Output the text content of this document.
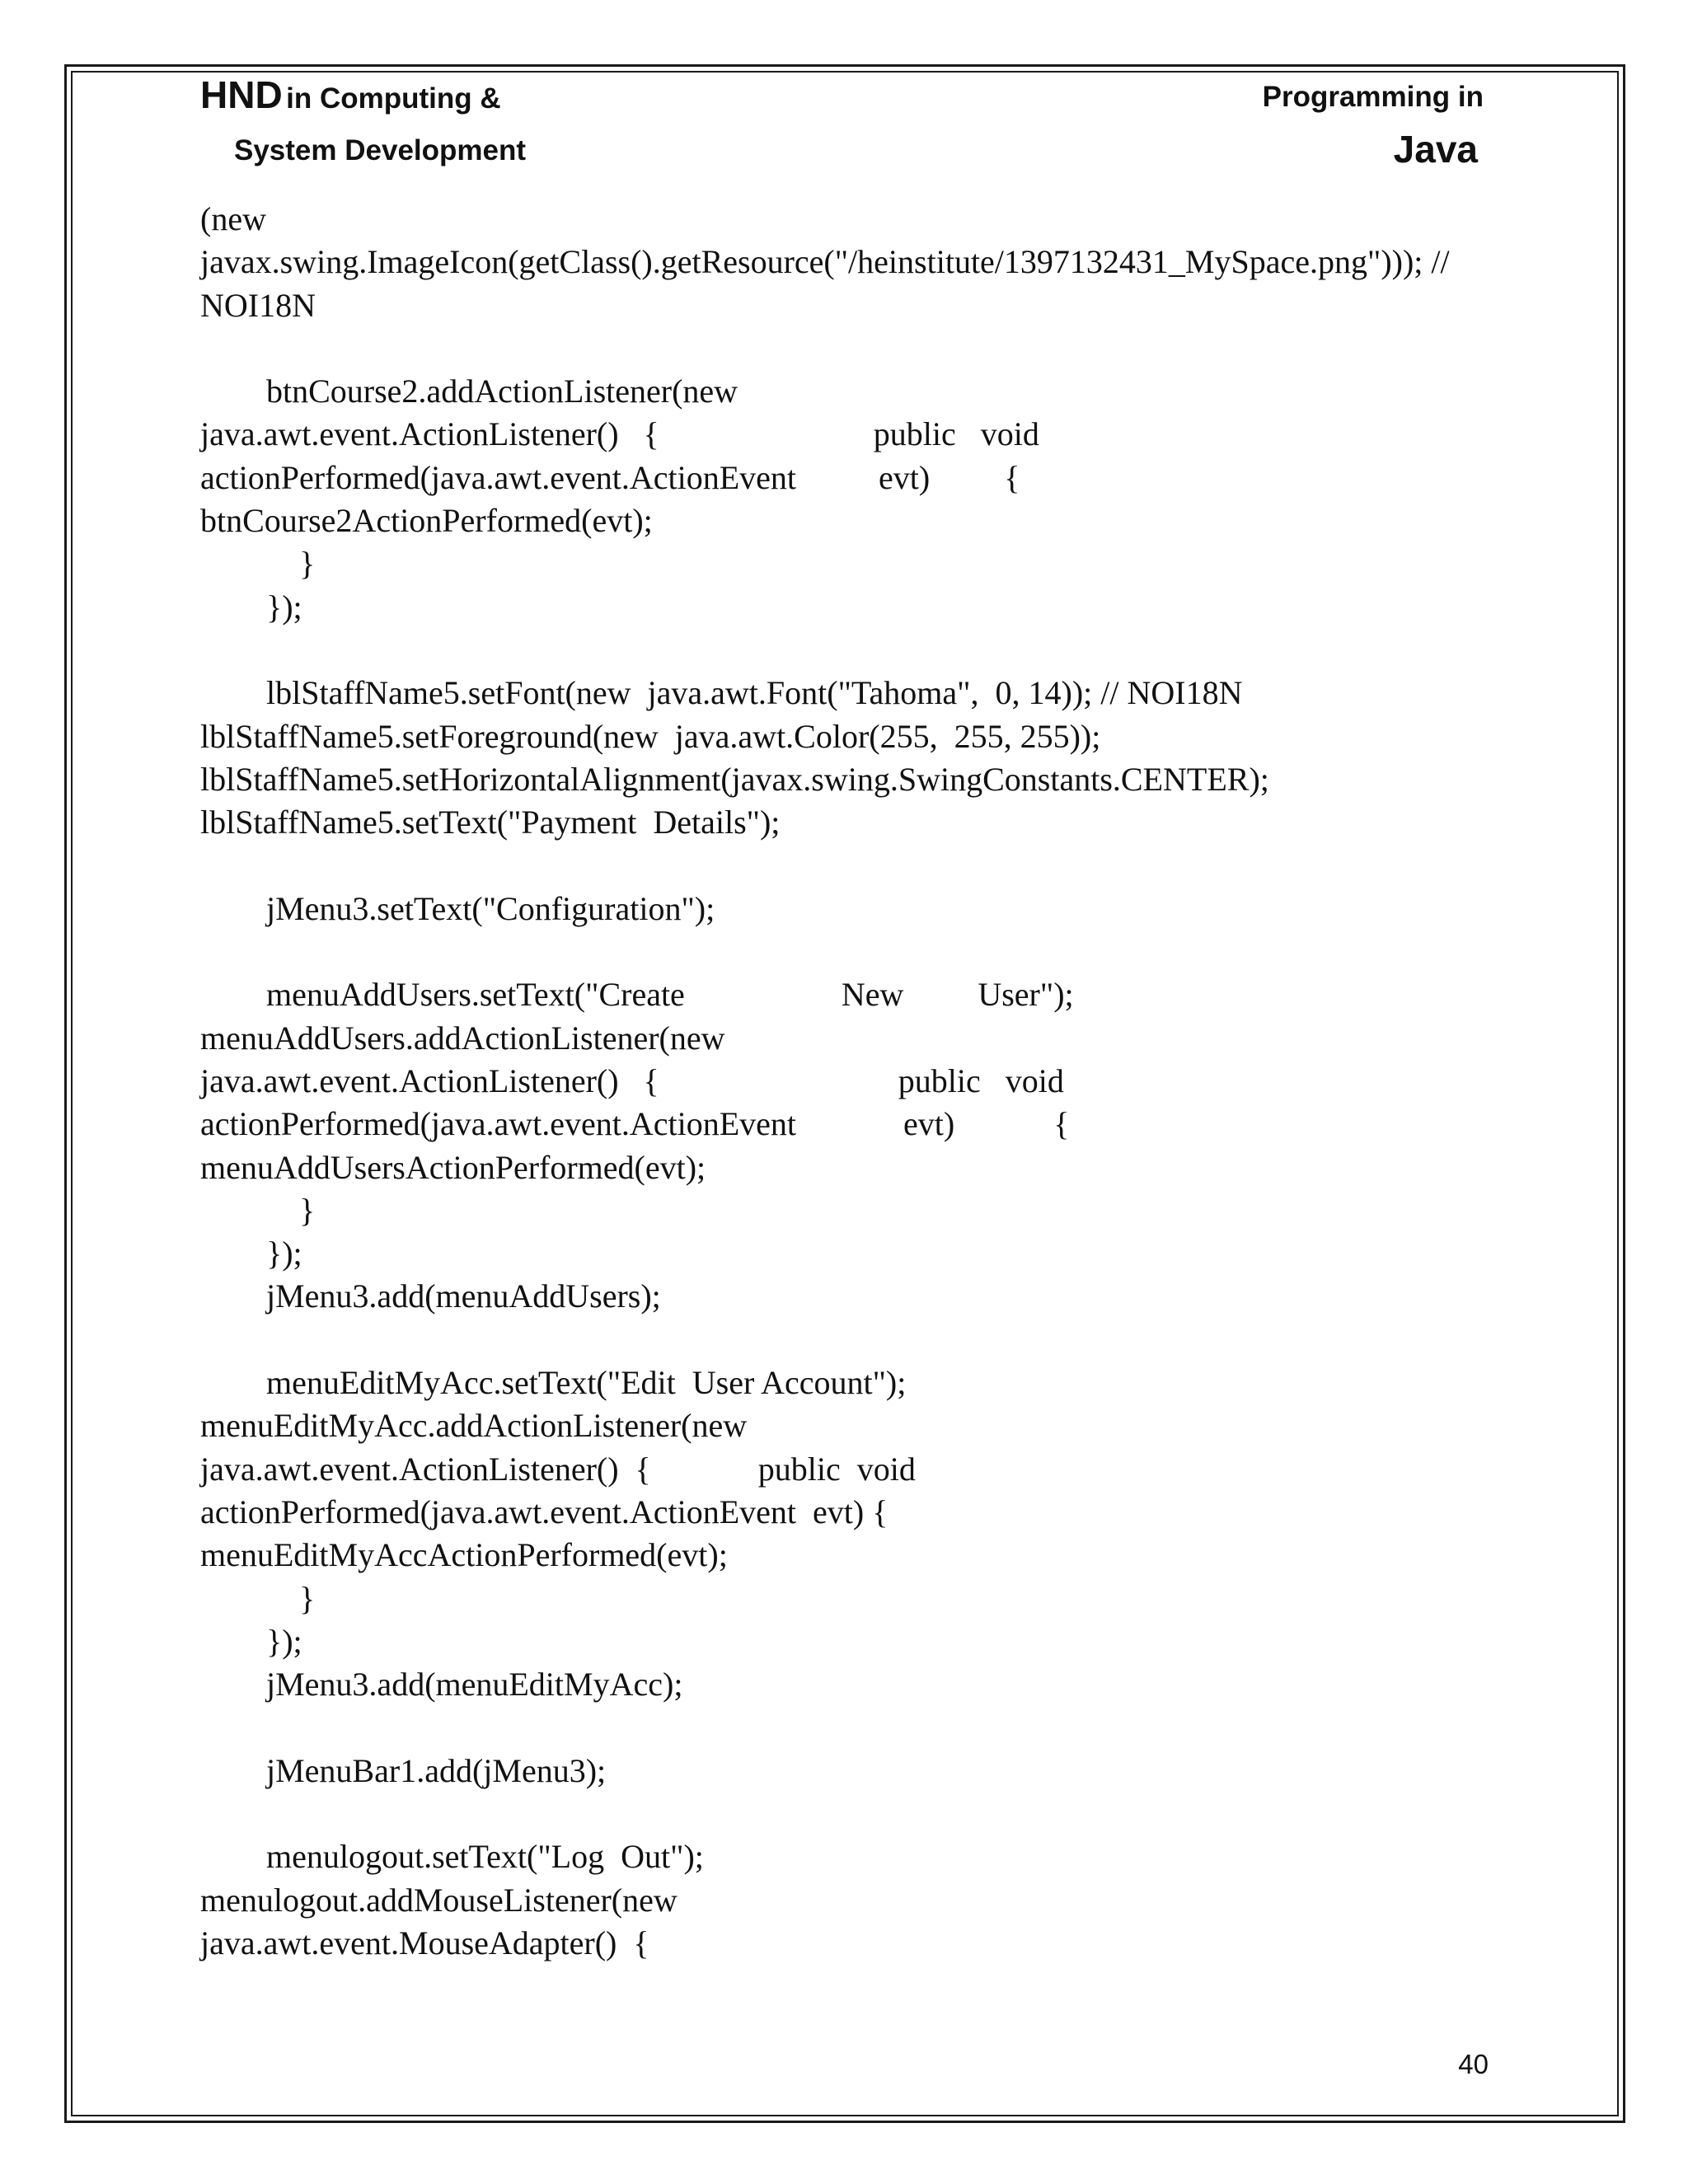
HND in Computing &
System Development
Programming in
Java
(new
javax.swing.ImageIcon(getClass().getResource("/heinstitute/1397132431_MySpace.png"))); //
NOI18N
btnCourse2.addActionListener(new
java.awt.event.ActionListener()   {                          public   void
actionPerformed(java.awt.event.ActionEvent          evt)         {
btnCourse2ActionPerformed(evt);
}
});
lblStaffName5.setFont(new  java.awt.Font("Tahoma",  0, 14)); // NOI18N
lblStaffName5.setForeground(new  java.awt.Color(255,  255, 255));
lblStaffName5.setHorizontalAlignment(javax.swing.SwingConstants.CENTER);
lblStaffName5.setText("Payment  Details");
jMenu3.setText("Configuration");
menuAddUsers.setText("Create                   New         User");
menuAddUsers.addActionListener(new
java.awt.event.ActionListener()   {                             public   void
actionPerformed(java.awt.event.ActionEvent             evt)            {
menuAddUsersActionPerformed(evt);
}
});
jMenu3.add(menuAddUsers);
menuEditMyAcc.setText("Edit  User Account");
menuEditMyAcc.addActionListener(new
java.awt.event.ActionListener()  {             public  void
actionPerformed(java.awt.event.ActionEvent  evt) {
menuEditMyAccActionPerformed(evt);
}
});
jMenu3.add(menuEditMyAcc);
jMenuBar1.add(jMenu3);
menulogout.setText("Log  Out");
menulogout.addMouseListener(new
java.awt.event.MouseAdapter()  {
40
